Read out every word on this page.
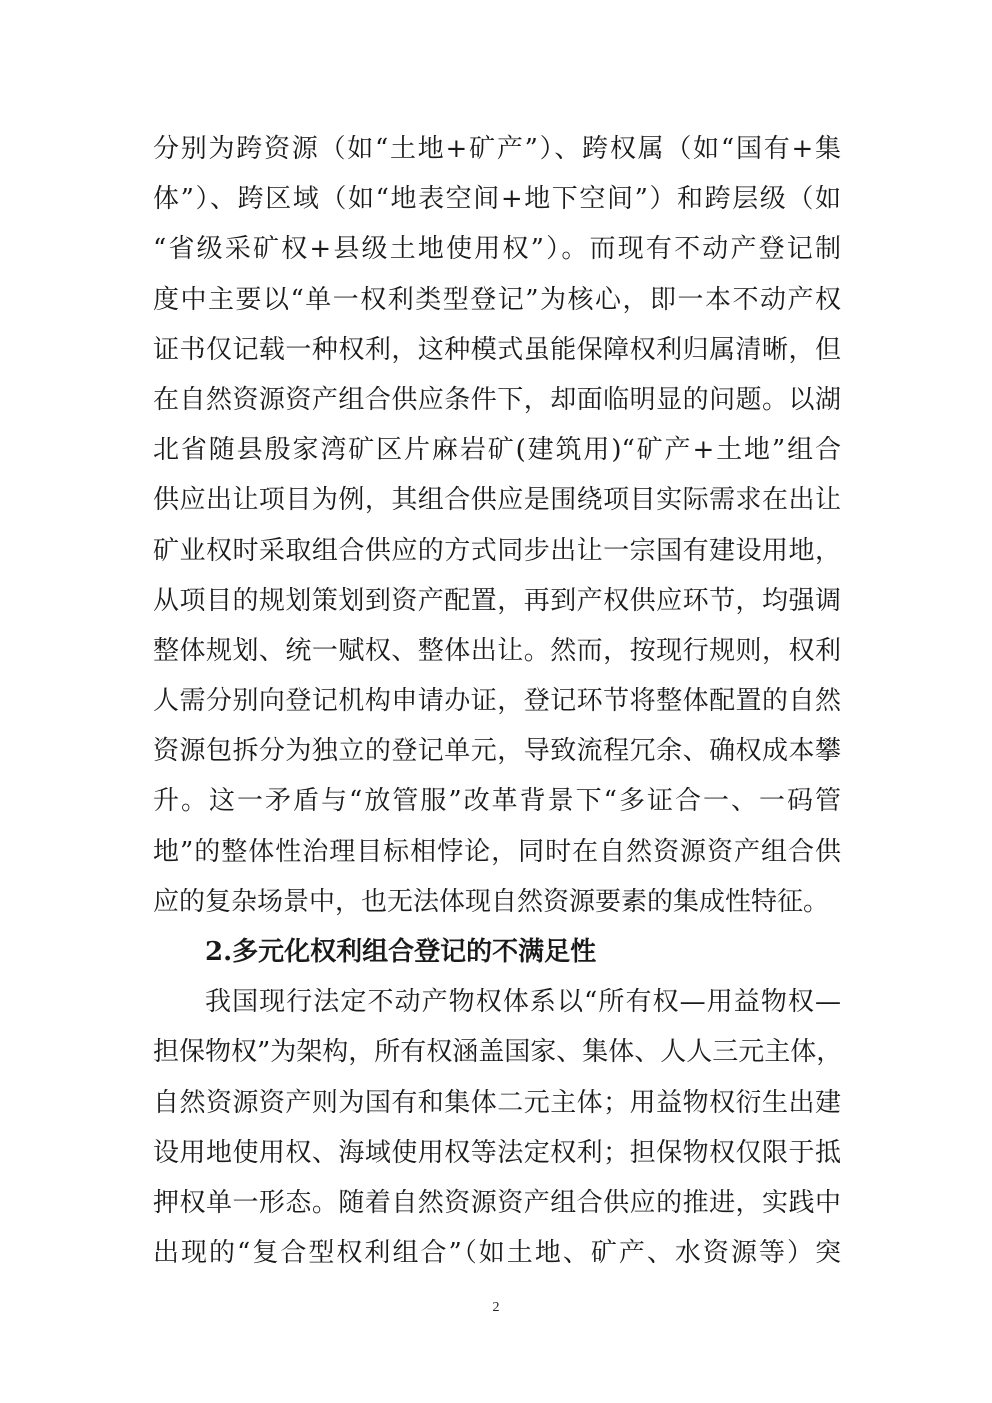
分别为跨资源（如“土地+矿产”）、跨权属（如“国有+集
体”）、跨区域（如“地表空间+地下空间”）和跨层级（如
“省级采矿权+县级土地使用权”）。而现有不动产登记制
度中主要以“单一权利类型登记”为核心，即一本不动产权
证书仅记载一种权利，这种模式虽能保障权利归属清晰，但
在自然资源资产组合供应条件下，却面临明显的问题。以湖
北省随县殷家湾矿区片麻岩矿(建筑用)“矿产+土地”组合
供应出让项目为例，其组合供应是围绕项目实际需求在出让
矿业权时采取组合供应的方式同步出让一宗国有建设用地，
从项目的规划策划到资产配置，再到产权供应环节，均强调
整体规划、统一赋权、整体出让。然而，按现行规则，权利
人需分别向登记机构申请办证，登记环节将整体配置的自然
资源包拆分为独立的登记单元，导致流程冗余、确权成本攀
升。这一矛盾与“放管服”改革背景下“多证合一、一码管
地”的整体性治理目标相悖论，同时在自然资源资产组合供
应的复杂场景中，也无法体现自然资源要素的集成性特征。
2.多元化权利组合登记的不满足性
我国现行法定不动产物权体系以“所有权—用益物权—
担保物权”为架构，所有权涵盖国家、集体、人人三元主体，
自然资源资产则为国有和集体二元主体；用益物权衍生出建
设用地使用权、海域使用权等法定权利；担保物权仅限于抵
押权单一形态。随着自然资源资产组合供应的推进，实践中
出现的“复合型权利组合”（如土地、矿产、水资源等）突
2
